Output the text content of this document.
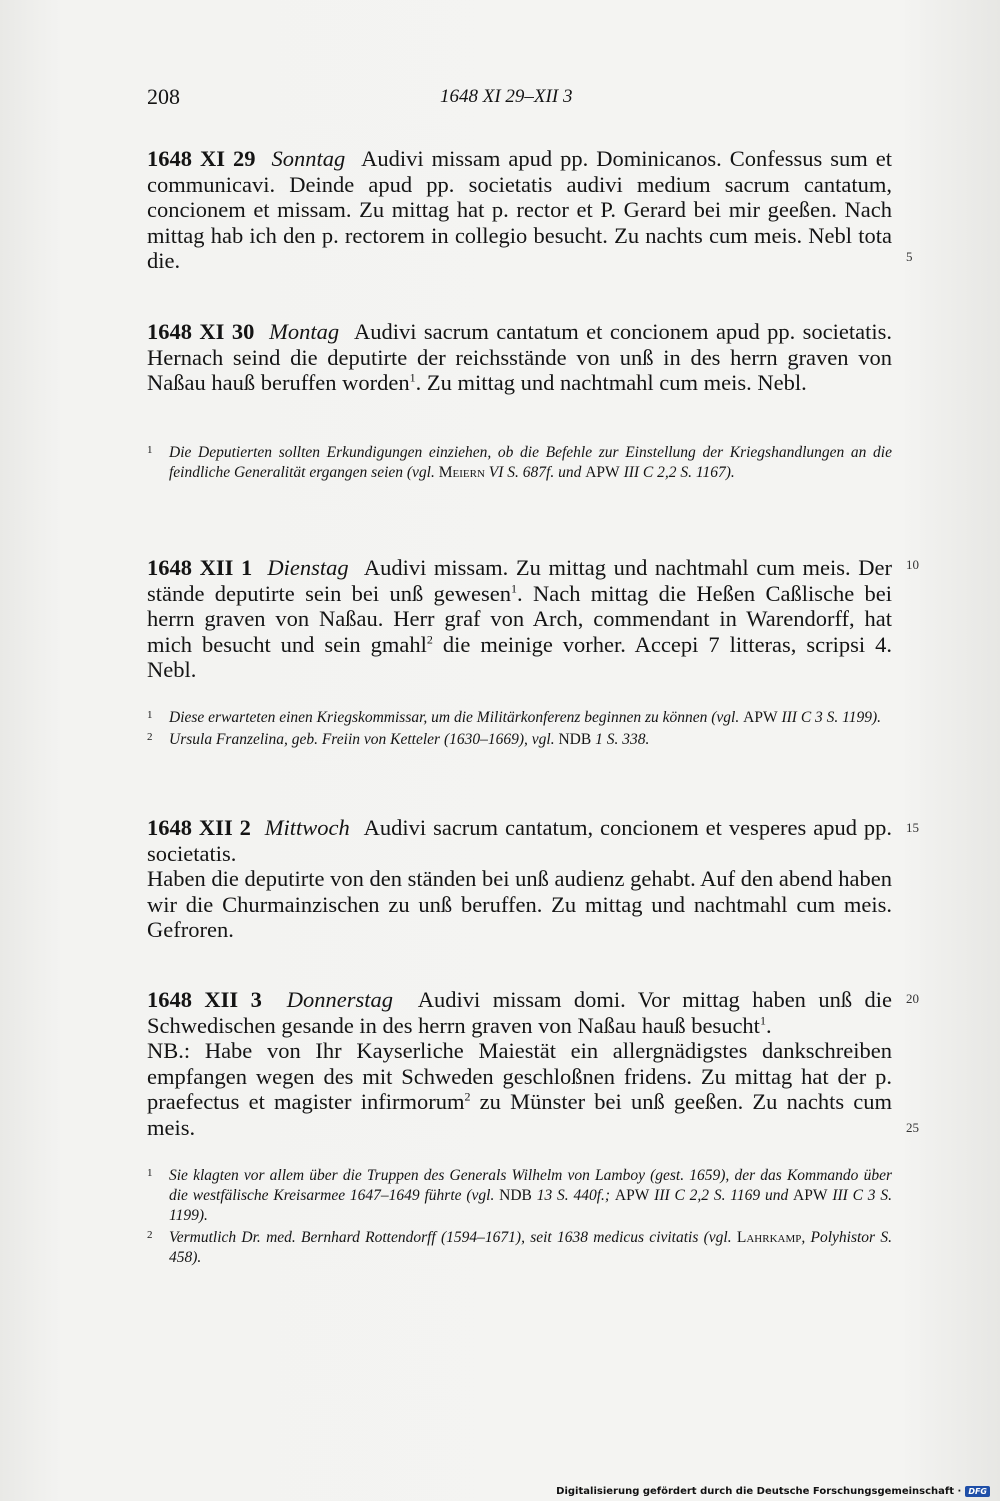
208	1648 XI 29–XII 3

1648 XI 29 Sonntag Audivi missam apud pp. Dominicanos. Confessus sum et communicavi. Deinde apud pp. societatis audivi medium sacrum cantatum, concionem et missam. Zu mittag hat p. rector et P. Gerard bei mir geeßen. Nach mittag hab ich den p. rectorem in collegio besucht. Zu nachts cum meis. Nebl tota die.

1648 XI 30 Montag Audivi sacrum cantatum et concionem apud pp. societatis. Hernach seind die deputirte der reichsstände von unß in des herrn graven von Naßau hauß beruffen worden$^1$. Zu mittag und nachtmahl cum meis. Nebl.

1 Die Deputierten sollten Erkundigungen einziehen, ob die Befehle zur Einstellung der Kriegshandlungen an die feindliche Generalität ergangen seien (vgl. Meiern VI S. 687f. und APW III C 2,2 S. 1167).

1648 XII 1 Dienstag Audivi missam. Zu mittag und nachtmahl cum meis. Der stände deputirte sein bei unß gewesen$^1$. Nach mittag die Heßen Caßlische bei herrn graven von Naßau. Herr graf von Arch, commendant in Warendorff, hat mich besucht und sein gmahl$^2$ die meinige vorher. Accepi 7 litteras, scripsi 4. Nebl.

1 Diese erwarteten einen Kriegskommissar, um die Militärkonferenz beginnen zu können (vgl. APW III C 3 S. 1199).
2 Ursula Franzelina, geb. Freiin von Ketteler (1630–1669), vgl. NDB 1 S. 338.

1648 XII 2 Mittwoch Audivi sacrum cantatum, concionem et vesperes apud pp. societatis.

Haben die deputirte von den ständen bei unß audienz gehabt. Auf den abend haben wir die Churmainzischen zu unß beruffen. Zu mittag und nachtmahl cum meis. Gefroren.

1648 XII 3 Donnerstag Audivi missam domi. Vor mittag haben unß die Schwedischen gesande in des herrn graven von Naßau hauß besucht$^1$.

NB.: Habe von Ihr Kayserliche Maiestät ein allergnädigstes dankschreiben empfangen wegen des mit Schweden geschloßnen fridens. Zu mittag hat der p. praefectus et magister infirmorum$^2$ zu Münster bei unß geeßen. Zu nachts cum meis.

1 Sie klagten vor allem über die Truppen des Generals Wilhelm von Lamboy (gest. 1659), der das Kommando über die westfälische Kreisarmee 1647–1649 führte (vgl. NDB 13 S. 440f.; APW III C 2,2 S. 1169 und APW III C 3 S. 1199).
2 Vermutlich Dr. med. Bernhard Rottendorff (1594–1671), seit 1638 medicus civitatis (vgl. Lahrkamp, Polyhistor S. 458).
5
10
15
20
25
Digitalisierung gefördert durch die Deutsche Forschungsgemeinschaft · DFG
